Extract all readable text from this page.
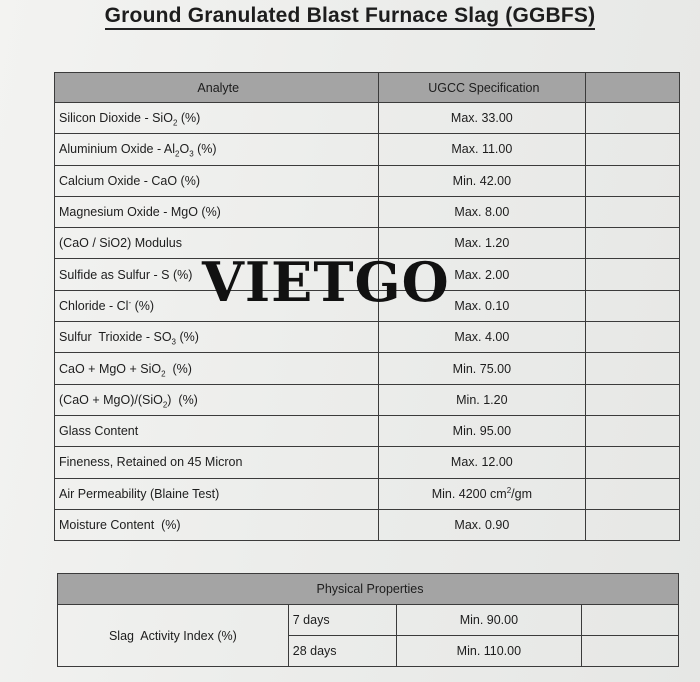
Ground Granulated Blast Furnace Slag (GGBFS)
Analyte	UGCC Specification	
Silicon Dioxide - SiO$_2$ (%)	Max. 33.00	
Aluminium Oxide - $Al_2O_3$ (%)	Max. 11.00	
Calcium Oxide - CaO (%)	Min. 42.00	
Magnesium Oxide - MgO (%)	Max. 8.00	
(CaO / SiO2) Modulus	Max. 1.20	
Sulfide as Sulfur - S (%)	Max. 2.00	
Chloride - Cl- (%)	Max. 0.10	
Sulfur  Trioxide - $SO_3$ (%)	Max. 4.00	
CaO + MgO + SiO$_2$  (%)	Min. 75.00	
(CaO + MgO)/(SiO$_2$)  (%)	Min. 1.20	
Glass Content	Min. 95.00	
Fineness, Retained on 45 Micron	Max. 12.00	
Air Permeability (Blaine Test)	Min. 4200 $cm^2/gm$	
Moisture Content  (%)	Max. 0.90	
Physical Properties			
Slag  Activity Index (%)	7 days	Min. 90.00	
	28 days	Min. 110.00	
VIETGO
